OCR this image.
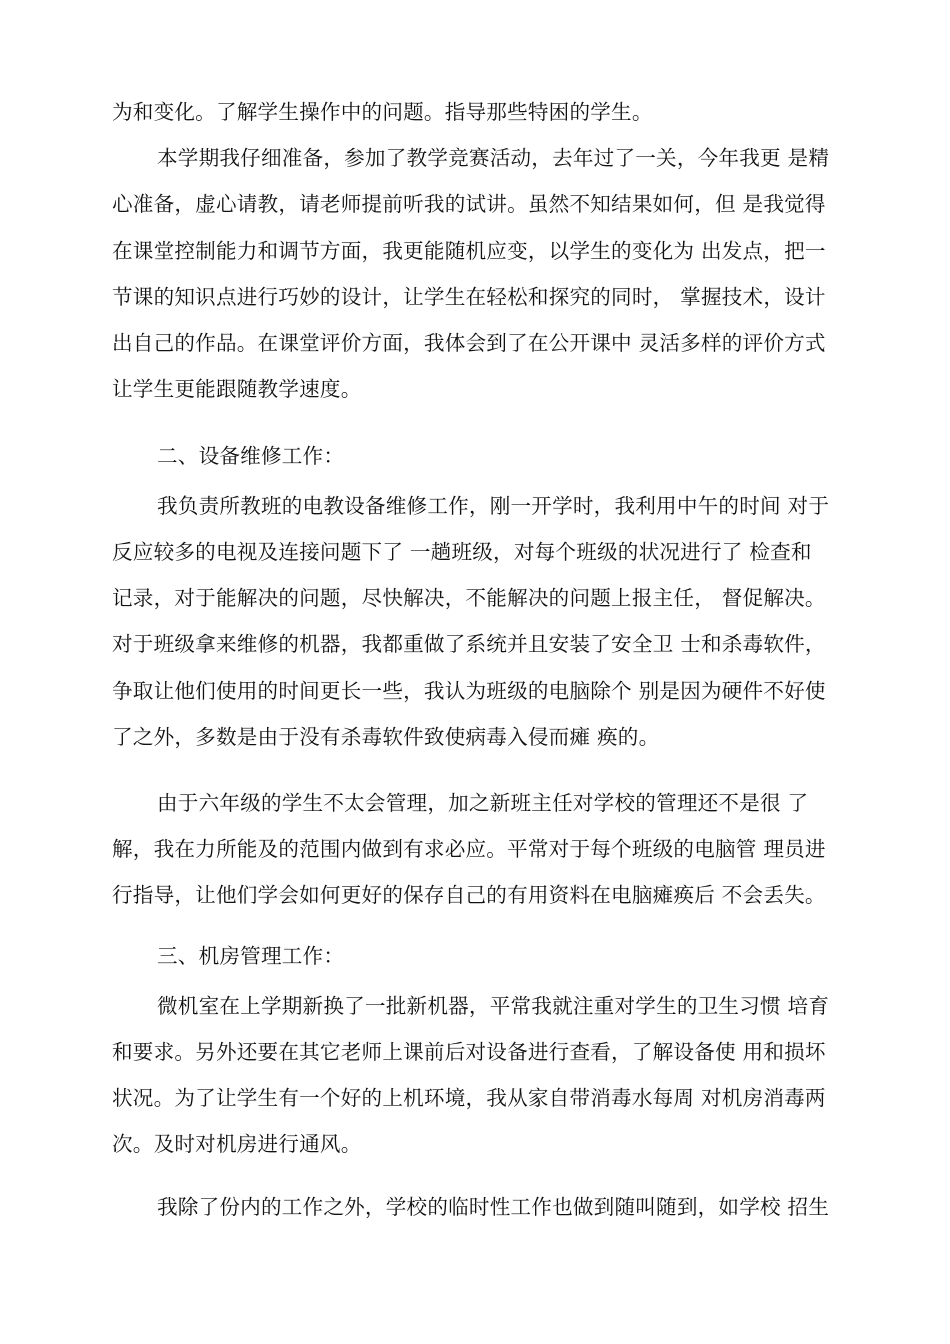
为和变化。了解学生操作中的问题。指导那些特困的学生。
本学期我仔细准备，参加了教学竞赛活动，去年过了一关，今年我更 是精
心准备，虚心请教，请老师提前听我的试讲。虽然不知结果如何，但 是我觉得
在课堂控制能力和调节方面，我更能随机应变，以学生的变化为 出发点，把一
节课的知识点进行巧妙的设计，让学生在轻松和探究的同时， 掌握技术，设计
出自己的作品。在课堂评价方面，我体会到了在公开课中 灵活多样的评价方式
让学生更能跟随教学速度。
二、设备维修工作：
我负责所教班的电教设备维修工作，刚一开学时，我利用中午的时间 对于
反应较多的电视及连接问题下了 一趟班级，对每个班级的状况进行了 检查和
记录，对于能解决的问题，尽快解决，不能解决的问题上报主任， 督促解决。
对于班级拿来维修的机器，我都重做了系统并且安装了安全卫 士和杀毒软件，
争取让他们使用的时间更长一些，我认为班级的电脑除个 别是因为硬件不好使
了之外，多数是由于没有杀毒软件致使病毒入侵而瘫 痪的。
由于六年级的学生不太会管理，加之新班主任对学校的管理还不是很 了
解，我在力所能及的范围内做到有求必应。平常对于每个班级的电脑管 理员进
行指导，让他们学会如何更好的保存自己的有用资料在电脑瘫痪后 不会丢失。
三、机房管理工作：
微机室在上学期新换了一批新机器，平常我就注重对学生的卫生习惯 培育
和要求。另外还要在其它老师上课前后对设备进行查看，了解设备使 用和损坏
状况。为了让学生有一个好的上机环境，我从家自带消毒水每周 对机房消毒两
次。及时对机房进行通风。
我除了份内的工作之外，学校的临时性工作也做到随叫随到，如学校 招生
